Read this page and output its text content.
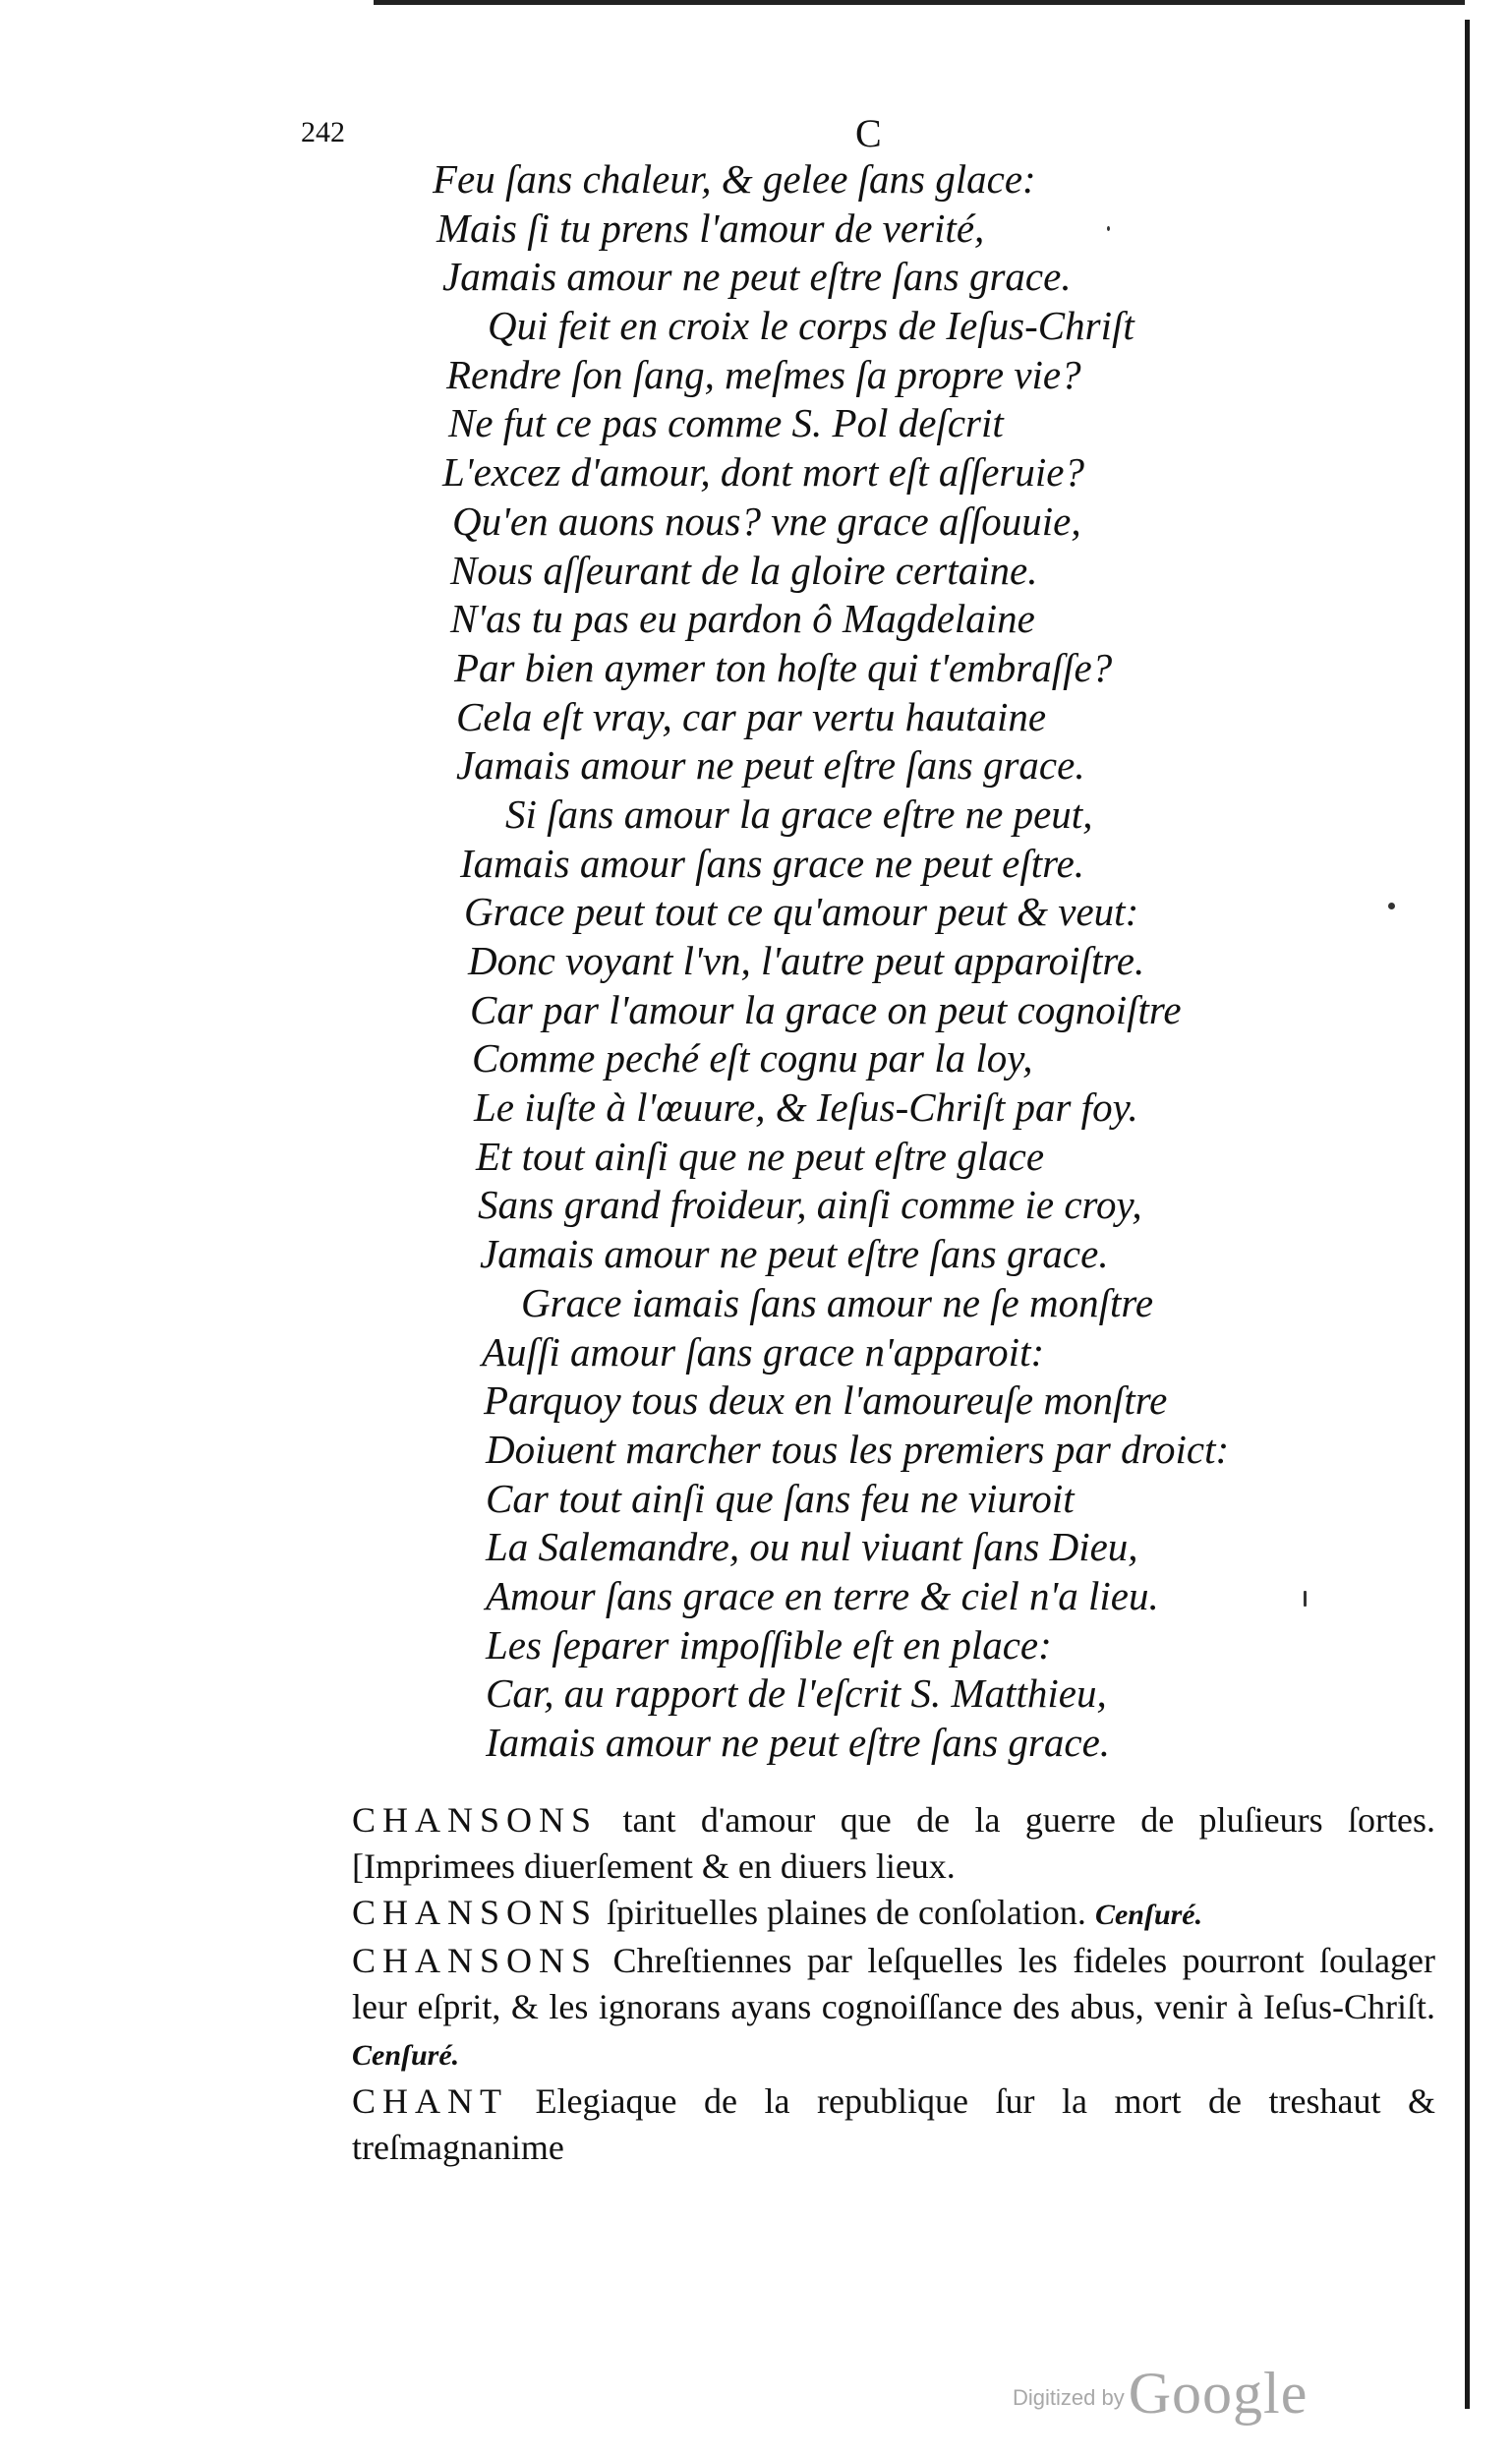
242	C
Feu ſans chaleur, & gelee ſans glace:
Mais ſi tu prens l'amour de verité,
Jamais amour ne peut eſtre ſans grace.
Qui feit en croix le corps de Ieſus-Chriſt
Rendre ſon ſang, meſmes ſa propre vie?
Ne fut ce pas comme S. Pol deſcrit
L'excez d'amour, dont mort eſt aſſeruie?
Qu'en auons nous? vne grace aſſouuie,
Nous aſſeurant de la gloire certaine.
N'as tu pas eu pardon ô Magdelaine
Par bien aymer ton hoſte qui t'embraſſe?
Cela eſt vray, car par vertu hautaine
Jamais amour ne peut eſtre ſans grace.
Si ſans amour la grace eſtre ne peut,
Iamais amour ſans grace ne peut eſtre.
Grace peut tout ce qu'amour peut & veut:
Donc voyant l'vn, l'autre peut apparoiſtre.
Car par l'amour la grace on peut cognoiſtre
Comme peché eſt cognu par la loy,
Le iuſte à l'œuure, & Ieſus-Chriſt par foy.
Et tout ainſi que ne peut eſtre glace
Sans grand froideur, ainſi comme ie croy,
Jamais amour ne peut eſtre ſans grace.
Grace iamais ſans amour ne ſe monſtre
Auſſi amour ſans grace n'apparoit:
Parquoy tous deux en l'amoureuſe monſtre
Doiuent marcher tous les premiers par droict:
Car tout ainſi que ſans feu ne viuroit
La Salemandre, ou nul viuant ſans Dieu,
Amour ſans grace en terre & ciel n'a lieu.
Les ſeparer impoſſible eſt en place:
Car, au rapport de l'eſcrit S. Matthieu,
Iamais amour ne peut eſtre ſans grace.
CHANSONS tant d'amour que de la guerre de pluſieurs ſortes. [Imprimees diuerſement & en diuers lieux.
CHANSONS ſpirituelles plaines de conſolation. Cenſuré.
CHANSONS Chreſtiennes par leſquelles les fideles pourront ſoulager leur eſprit, & les ignorans ayans cognoiſſance des abus, venir à Ieſus-Chriſt. Cenſuré.
CHANT Elegiaque de la republique ſur la mort de treshaut & treſmagnanime
Digitized by Google
